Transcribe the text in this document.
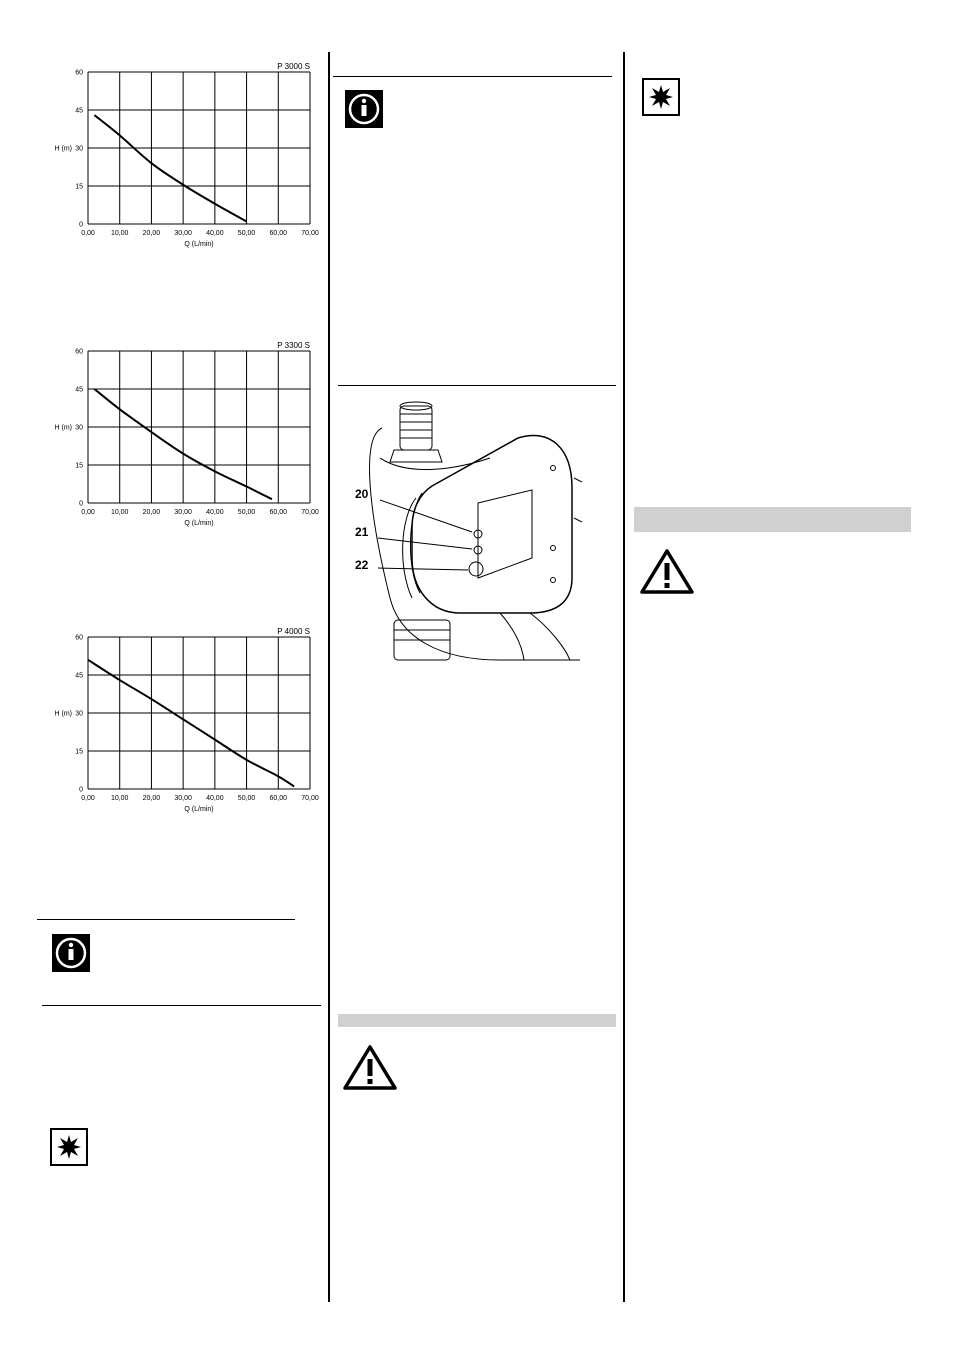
0,00 10,00 20,00 30,00 40,00 50,00 60,00 70,00
0
15
30
45
60
H (m)
Q (L/min)
P 3000 S
0,00 10,00 20,00 30,00 40,00 50,00 60,00 70,00
0
15
30
45
60
H (m)
Q (L/min)
P 3300 S
0,00 10,00 20,00 30,00 40,00 50,00 60,00 70,00
0
15
30
45
60
H (m)
Q (L/min)
P 4000 S
20
21
22
